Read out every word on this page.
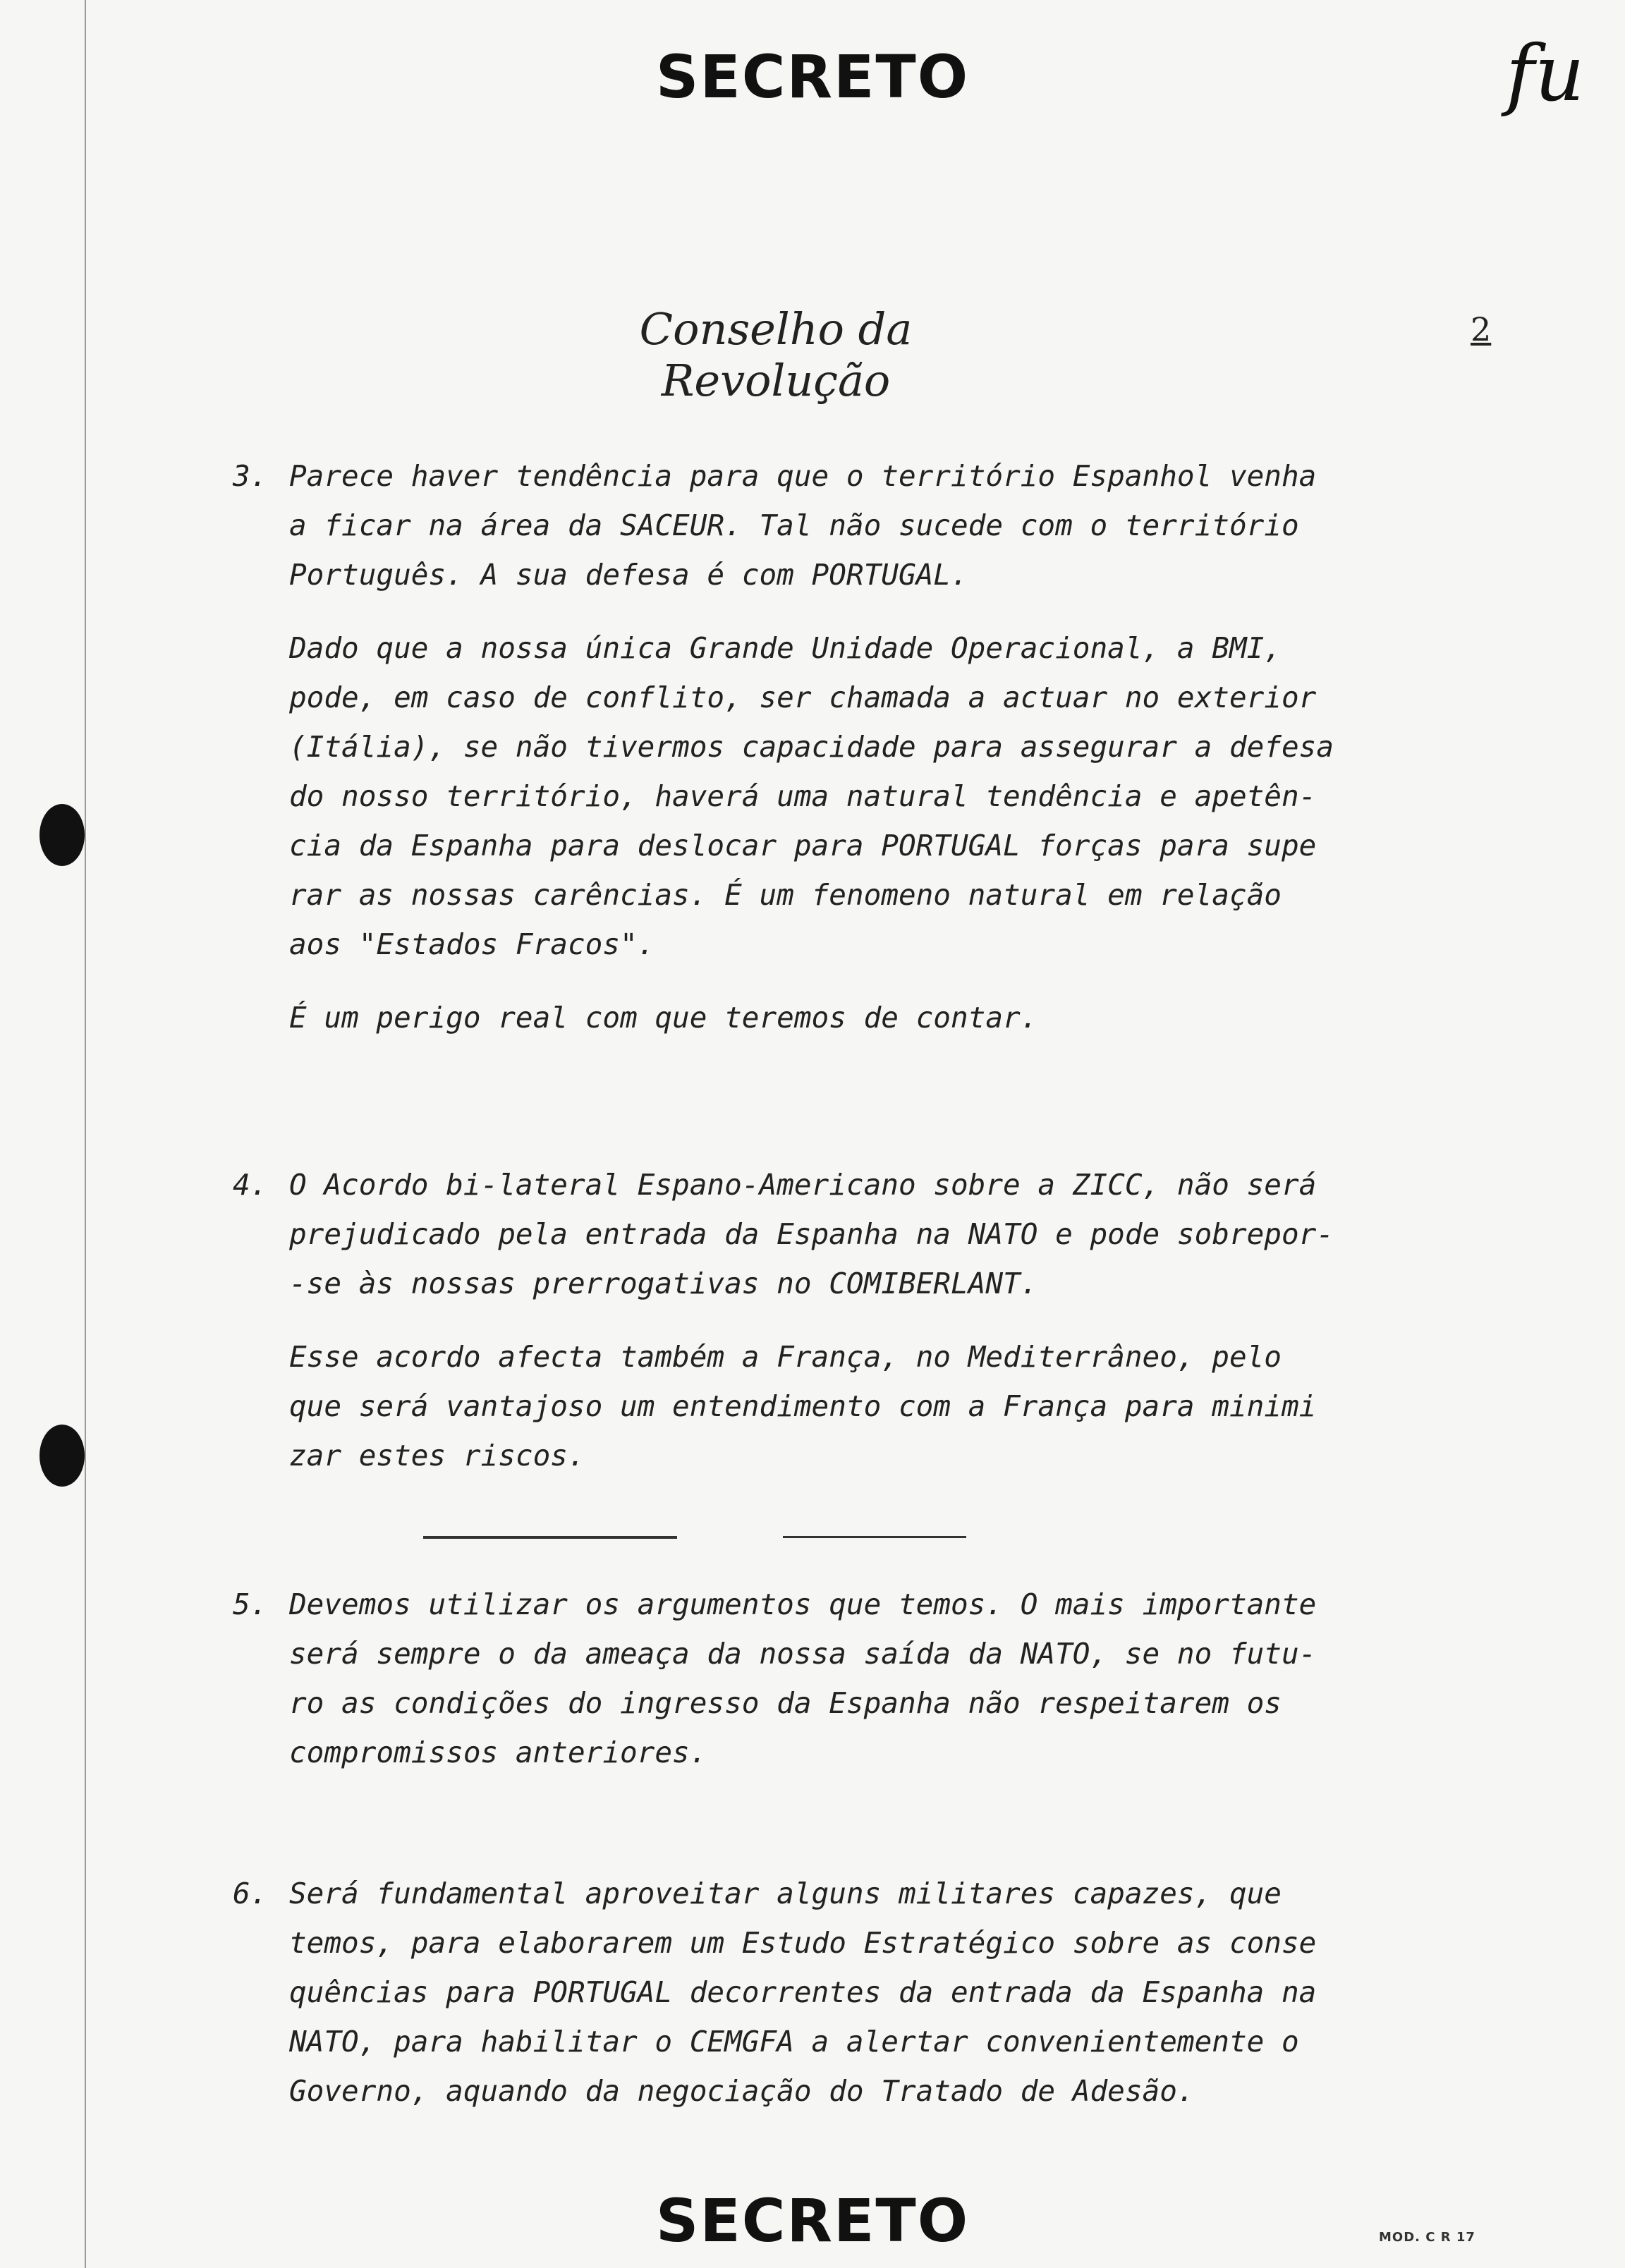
SECRETO	fu
Conselho da Revolução
2
3. Parece haver tendência para que o território Espanhol venha
a ficar na área da SACEUR. Tal não sucede com o território
Português. A sua defesa é com PORTUGAL.

Dado que a nossa única Grande Unidade Operacional, a BMI,
pode, em caso de conflito, ser chamada a actuar no exterior
(Itália), se não tivermos capacidade para assegurar a defesa
do nosso território, haverá uma natural tendência e apetên-
cia da Espanha para deslocar para PORTUGAL forças para supe
rar as nossas carências. É um fenomeno natural em relação
aos "Estados Fracos".

É um perigo real com que teremos de contar.

4. O Acordo bi-lateral Espano-Americano sobre a ZICC, não será
prejudicado pela entrada da Espanha na NATO e pode sobrepor-
-se às nossas prerrogativas no COMIBERLANT.

Esse acordo afecta também a França, no Mediterrâneo, pelo
que será vantajoso um entendimento com a França para minimi
zar estes riscos.

5. Devemos utilizar os argumentos que temos. O mais importante
será sempre o da ameaça da nossa saída da NATO, se no futu-
ro as condições do ingresso da Espanha não respeitarem os
compromissos anteriores.

6. Será fundamental aproveitar alguns militares capazes, que
temos, para elaborarem um Estudo Estratégico sobre as conse
quências para PORTUGAL decorrentes da entrada da Espanha na
NATO, para habilitar o CEMGFA a alertar convenientemente o
Governo, aquando da negociação do Tratado de Adesão.

SECRETO	MOD. C R 17
